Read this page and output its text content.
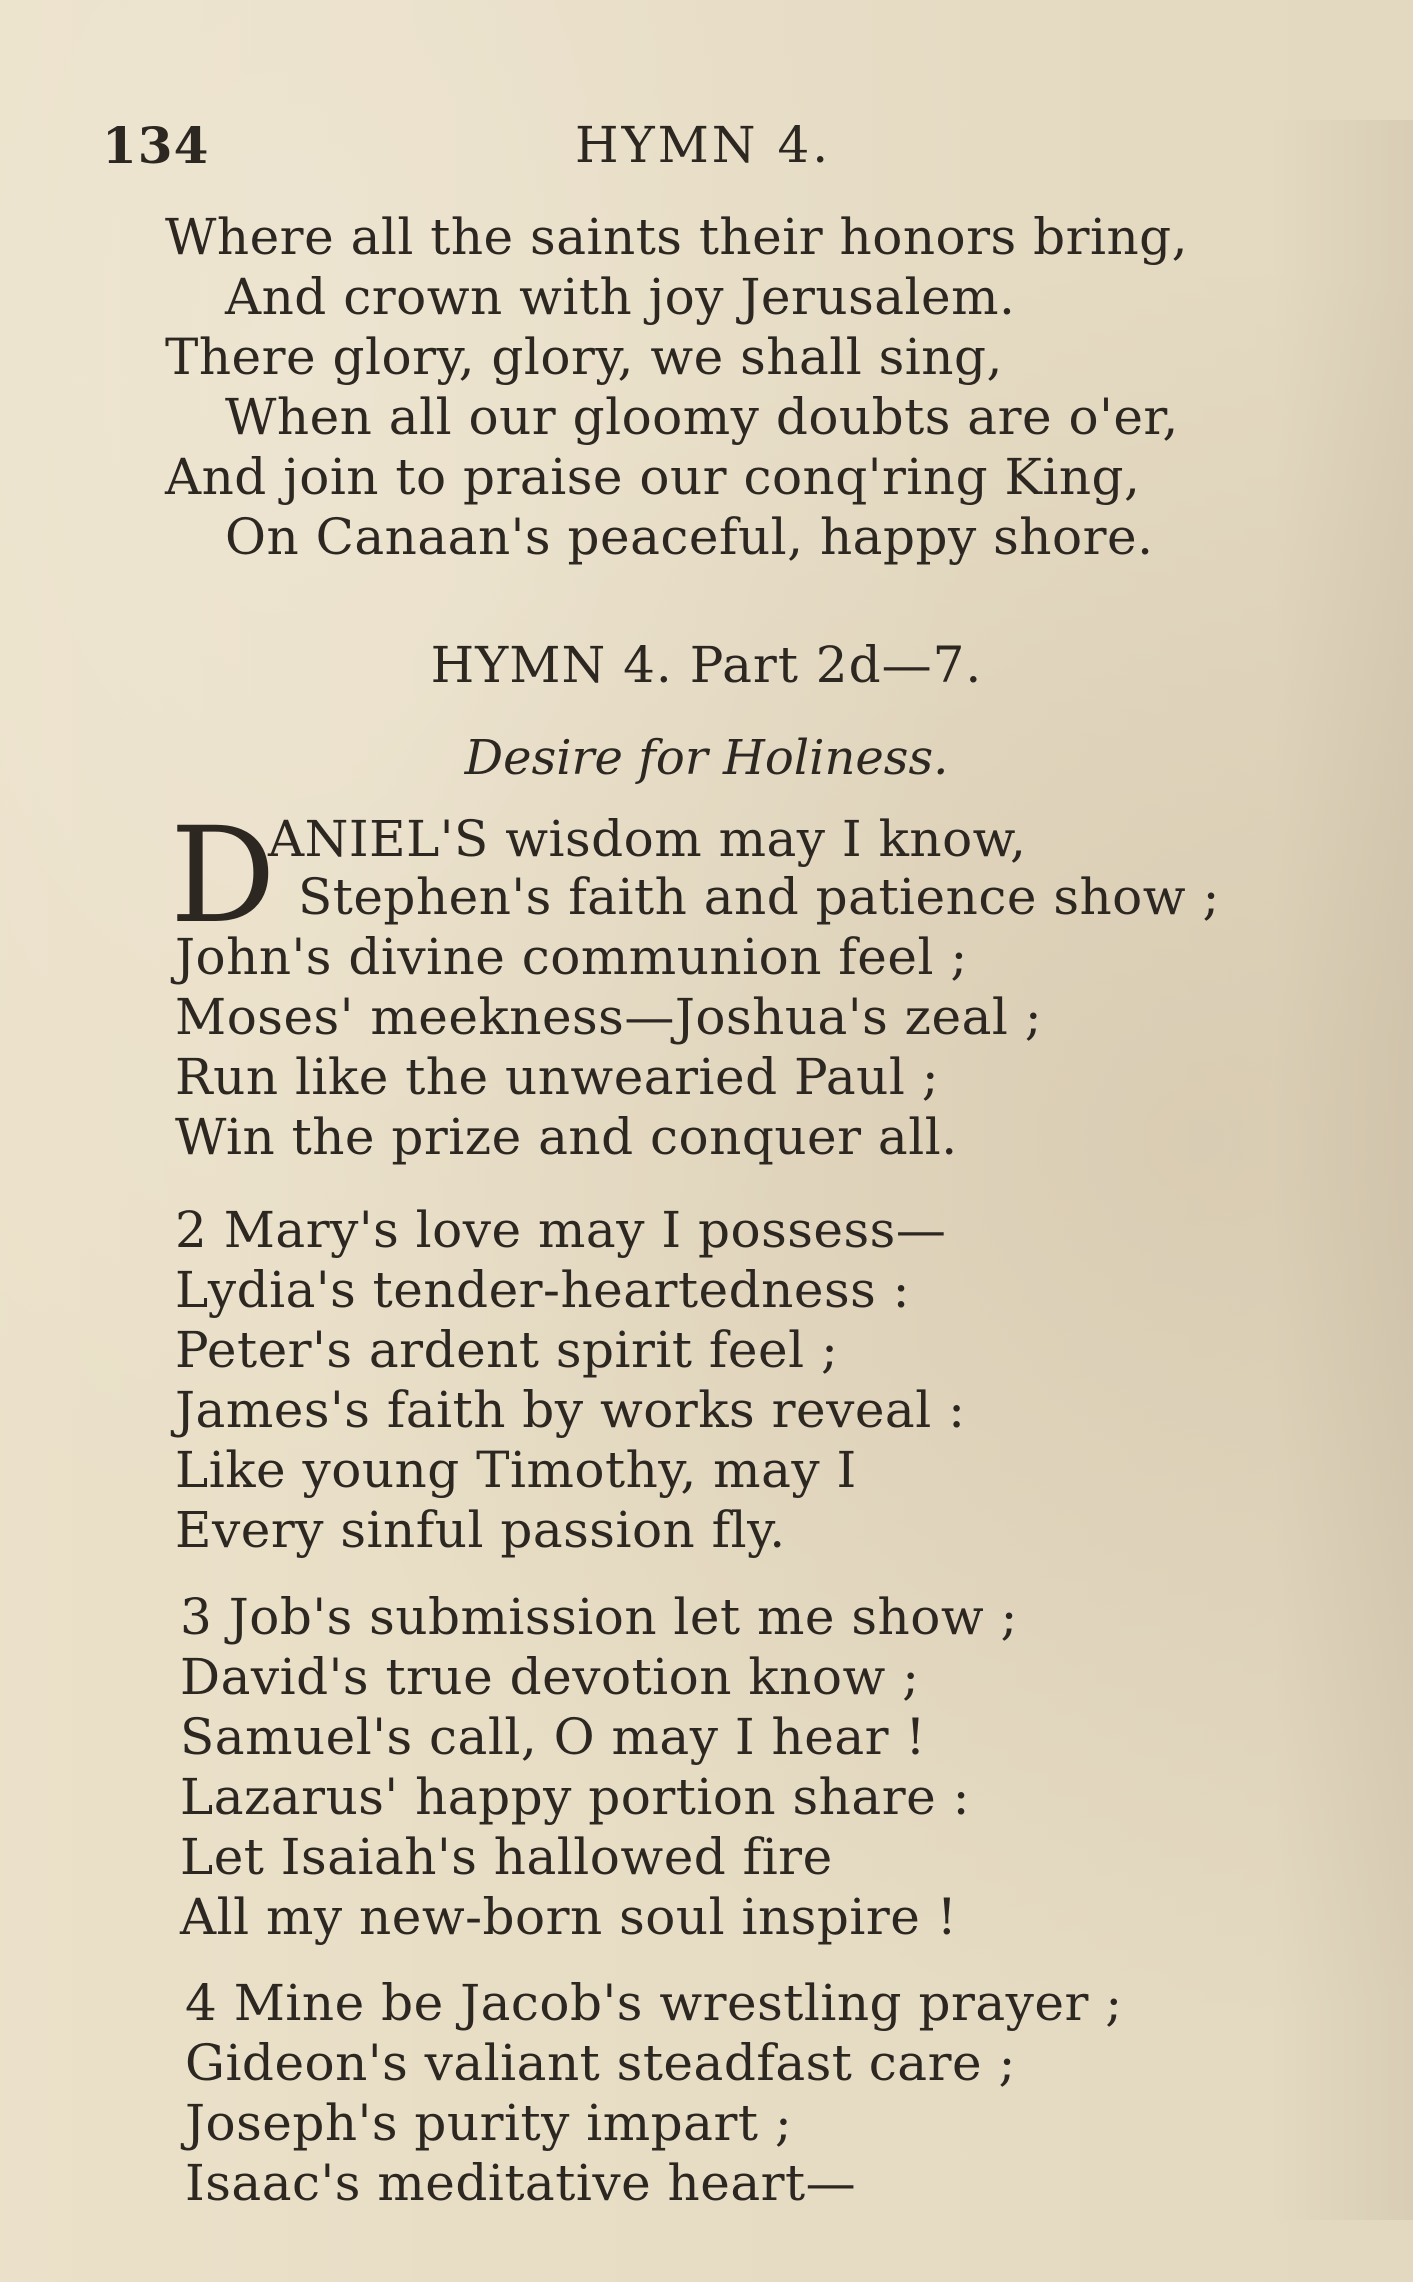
134	HYMN 4.
Where all the saints their honors bring,
And crown with joy Jerusalem.
There glory, glory, we shall sing,
When all our gloomy doubts are o'er,
And join to praise our conq'ring King,
On Canaan's peaceful, happy shore.
HYMN 4. Part 2d—7.
Desire for Holiness.
D
ANIEL'S wisdom may I know,
Stephen's faith and patience show ;
John's divine communion feel ;
Moses' meekness—Joshua's zeal ;
Run like the unwearied Paul ;
Win the prize and conquer all.
2 Mary's love may I possess—
Lydia's tender-heartedness :
Peter's ardent spirit feel ;
James's faith by works reveal :
Like young Timothy, may I
Every sinful passion fly.
3 Job's submission let me show ;
David's true devotion know ;
Samuel's call, O may I hear !
Lazarus' happy portion share :
Let Isaiah's hallowed fire
All my new-born soul inspire !
4 Mine be Jacob's wrestling prayer ;
Gideon's valiant steadfast care ;
Joseph's purity impart ;
Isaac's meditative heart—
